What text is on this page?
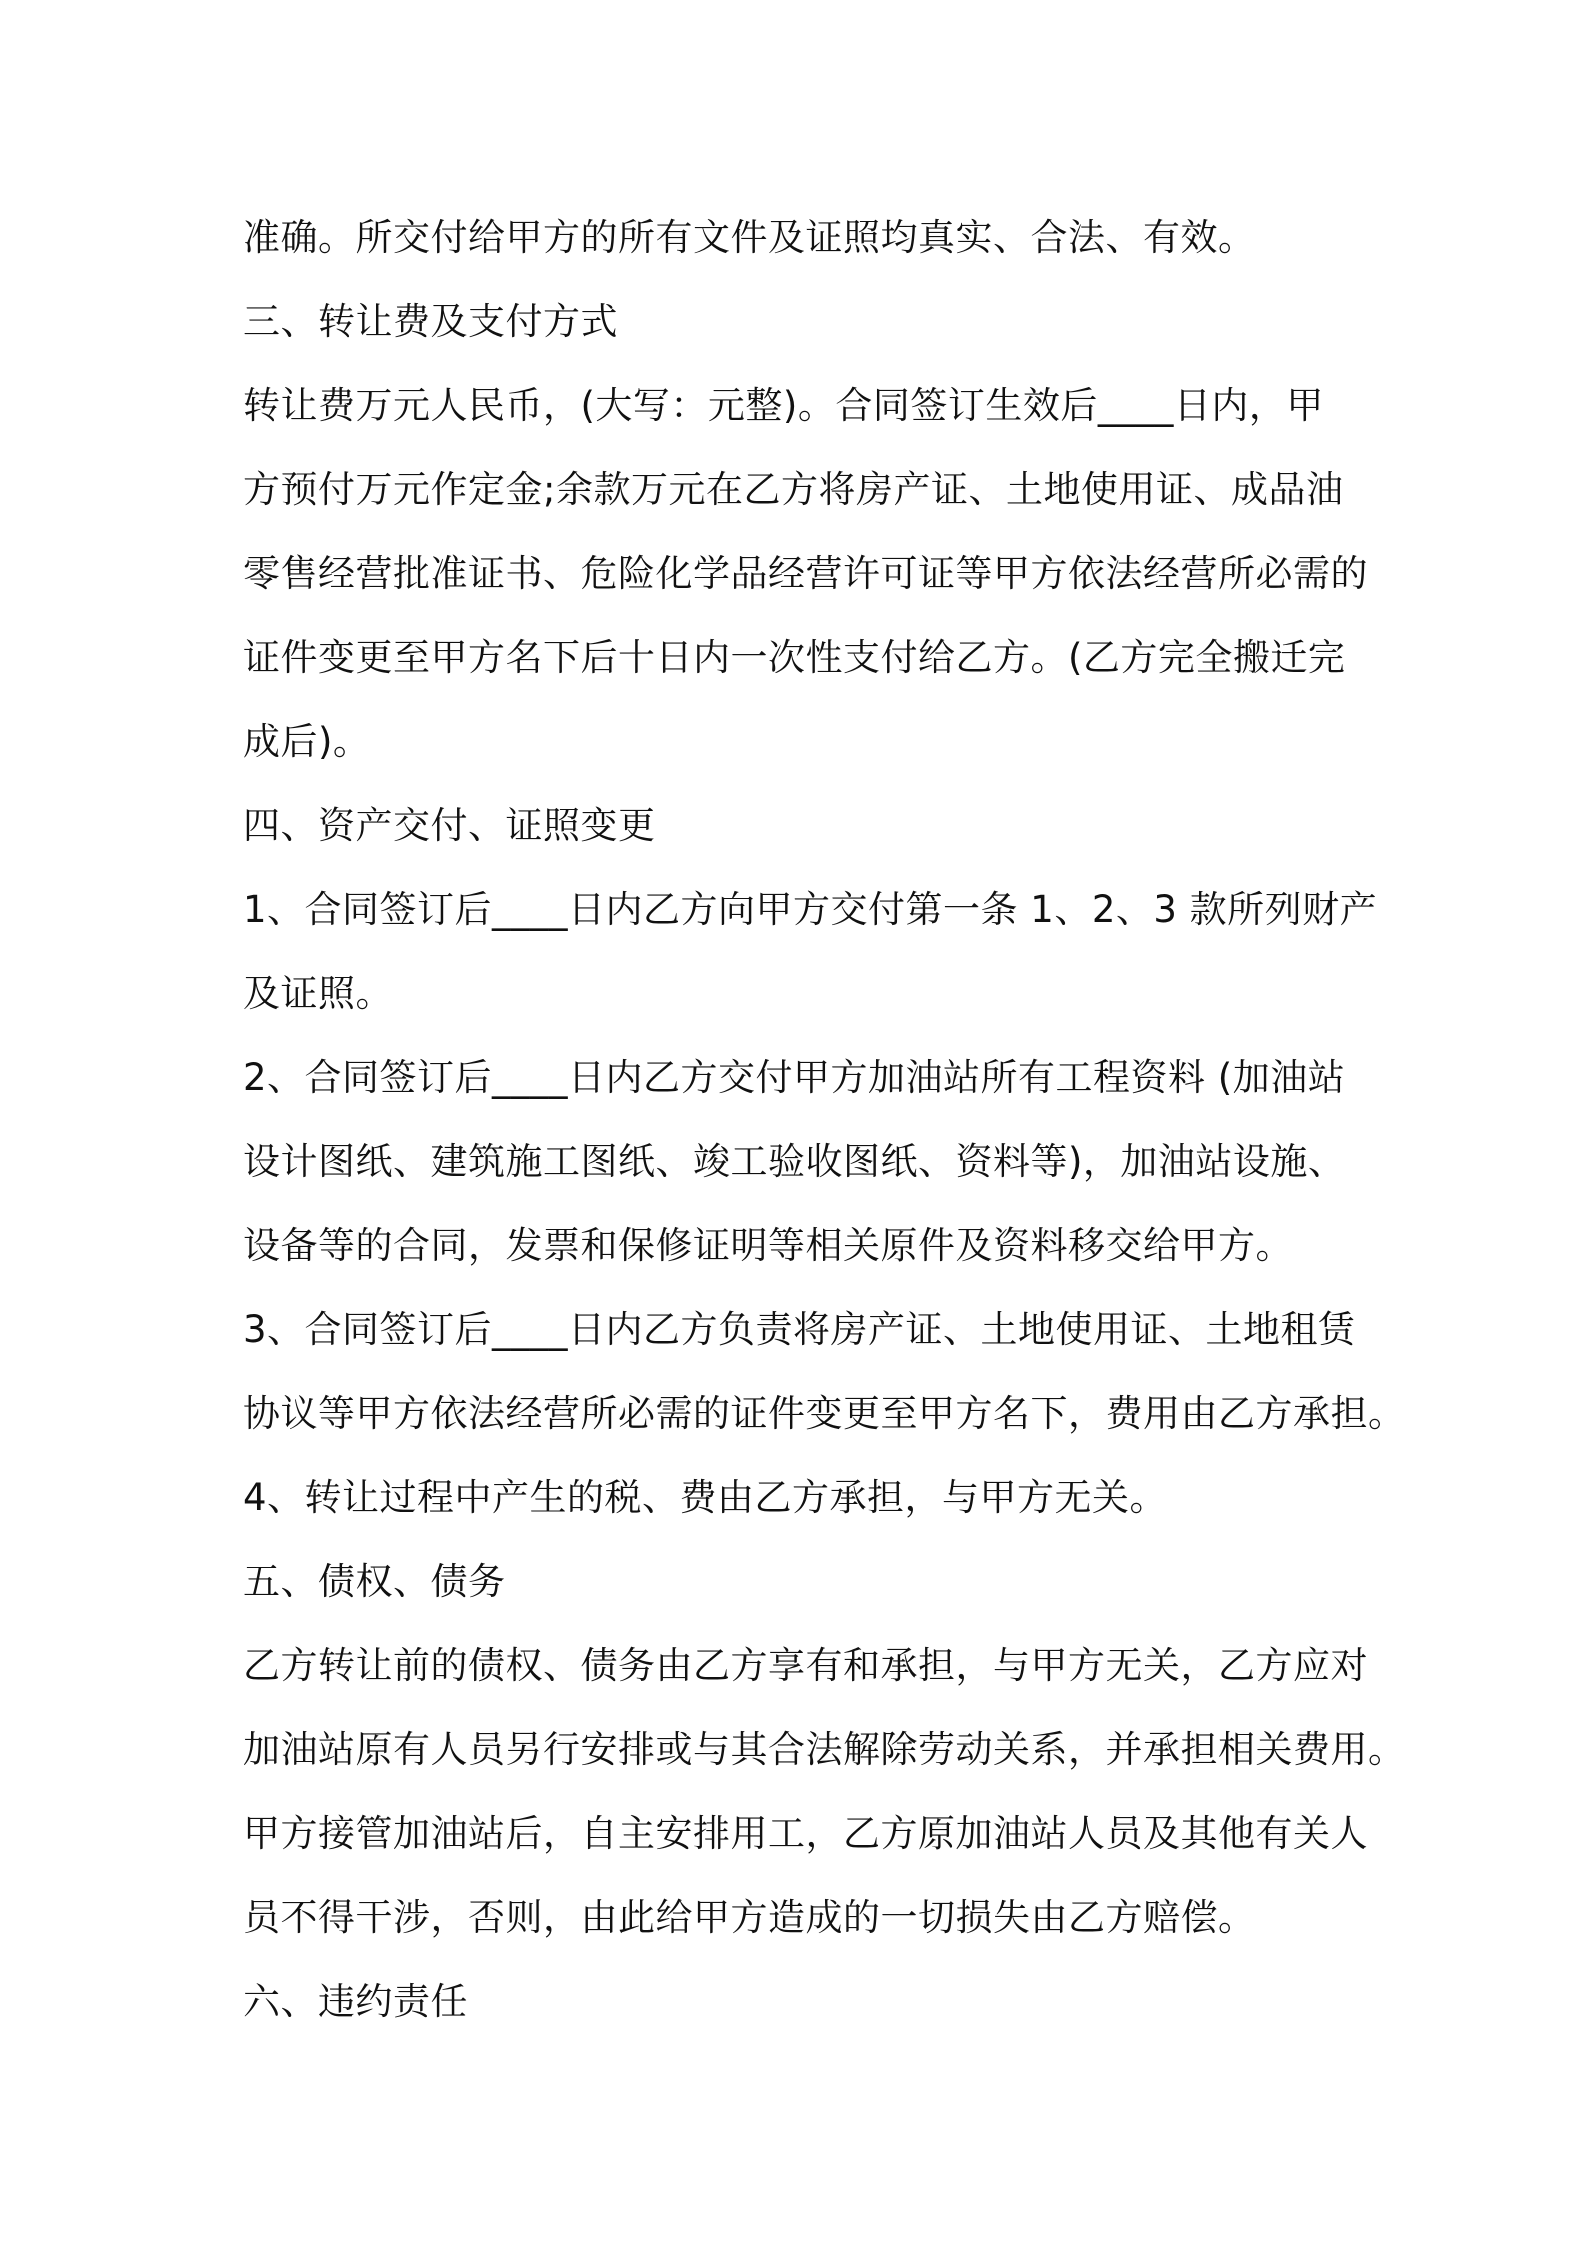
准确。所交付给甲方的所有文件及证照均真实、合法、有效。
三、转让费及支付方式
转让费万元人民币，(大写：元整)。合同签订生效后____日内，甲
方预付万元作定金;余款万元在乙方将房产证、土地使用证、成品油
零售经营批准证书、危险化学品经营许可证等甲方依法经营所必需的
证件变更至甲方名下后十日内一次性支付给乙方。(乙方完全搬迁完
成后)。
四、资产交付、证照变更
1、合同签订后____日内乙方向甲方交付第一条 1、2、3 款所列财产
及证照。
2、合同签订后____日内乙方交付甲方加油站所有工程资料 (加油站
设计图纸、建筑施工图纸、竣工验收图纸、资料等)，加油站设施、
设备等的合同，发票和保修证明等相关原件及资料移交给甲方。
3、合同签订后____日内乙方负责将房产证、土地使用证、土地租赁
协议等甲方依法经营所必需的证件变更至甲方名下，费用由乙方承担。
4、转让过程中产生的税、费由乙方承担，与甲方无关。
五、债权、债务
乙方转让前的债权、债务由乙方享有和承担，与甲方无关，乙方应对
加油站原有人员另行安排或与其合法解除劳动关系，并承担相关费用。
甲方接管加油站后，自主安排用工，乙方原加油站人员及其他有关人
员不得干涉，否则，由此给甲方造成的一切损失由乙方赔偿。
六、违约责任
